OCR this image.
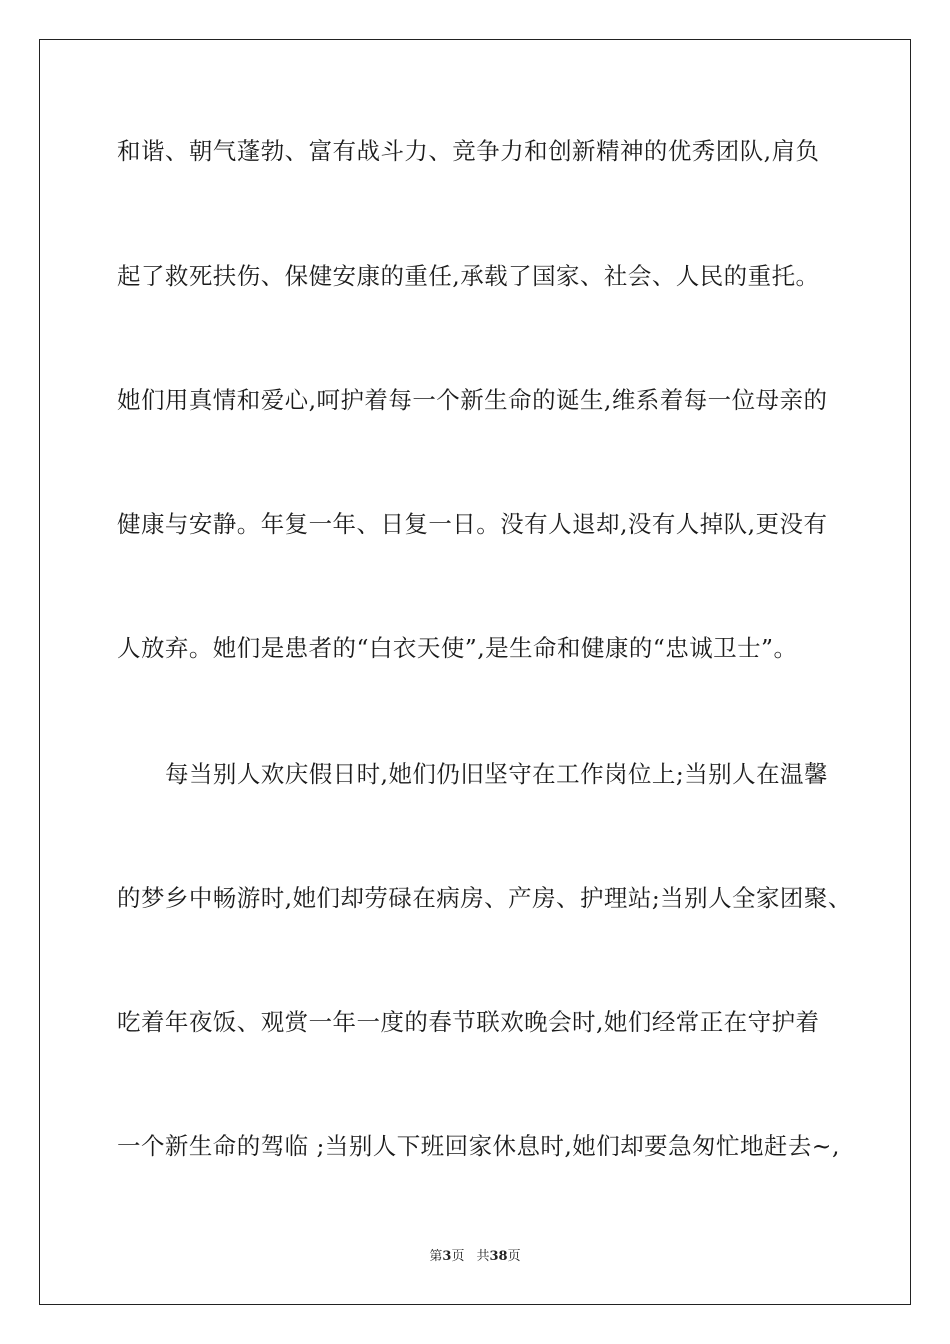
和谐、朝气蓬勃、富有战斗力、竞争力和创新精神的优秀团队,肩负
起了救死扶伤、保健安康的重任,承载了国家、社会、人民的重托。
她们用真情和爱心,呵护着每一个新生命的诞生,维系着每一位母亲的
健康与安静。年复一年、日复一日。没有人退却,没有人掉队,更没有
人放弃。她们是患者的“白衣天使”,是生命和健康的“忠诚卫士”。
每当别人欢庆假日时,她们仍旧坚守在工作岗位上;当别人在温馨
的梦乡中畅游时,她们却劳碌在病房、产房、护理站;当别人全家团聚、
吃着年夜饭、观赏一年一度的春节联欢晚会时,她们经常正在守护着
一个新生命的驾临 ;当别人下班回家休息时,她们却要急匆忙地赶去~,
第3页 共38页
